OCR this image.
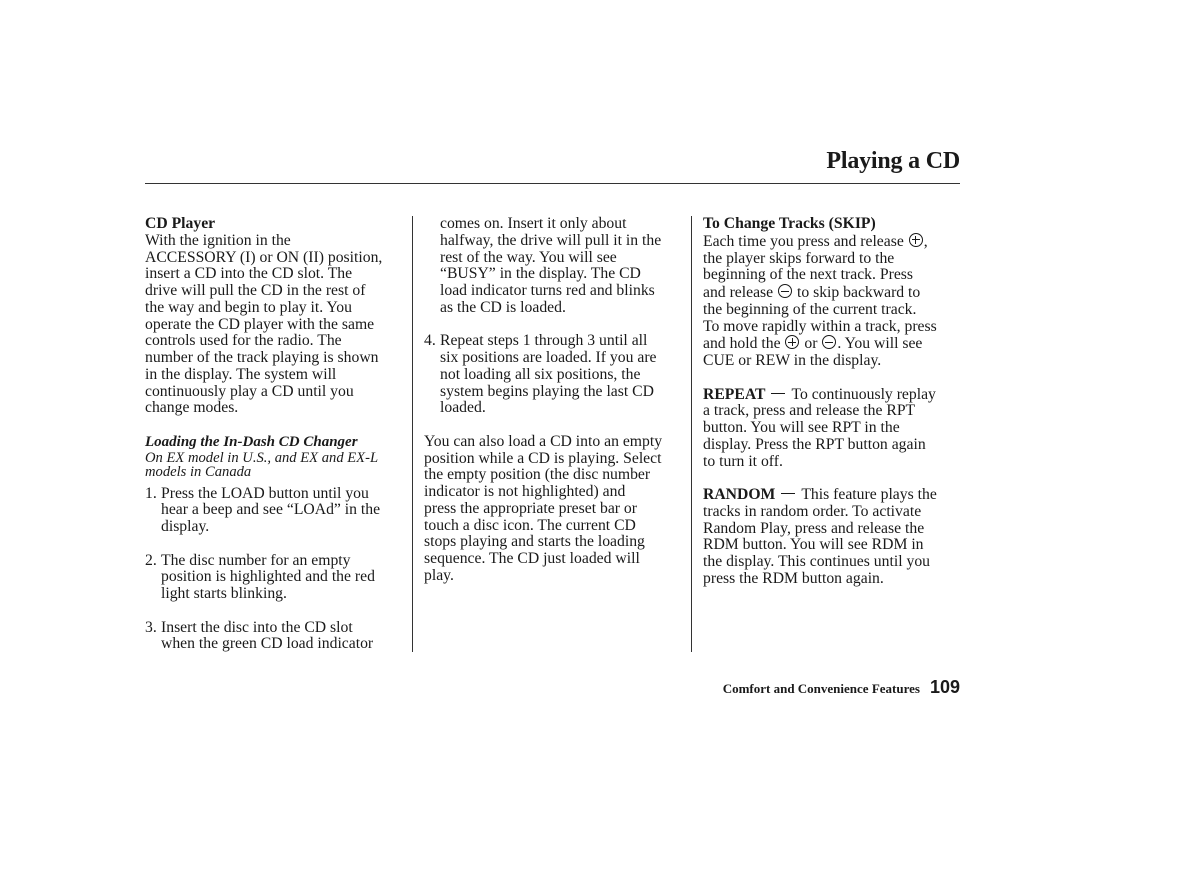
Playing a CD
CD Player
With the ignition in the
ACCESSORY (I) or ON (II) position,
insert a CD into the CD slot. The
drive will pull the CD in the rest of
the way and begin to play it. You
operate the CD player with the same
controls used for the radio. The
number of the track playing is shown
in the display. The system will
continuously play a CD until you
change modes.
Loading the In-Dash CD Changer
On EX model in U.S., and EX and EX-L
models in Canada
1. Press the LOAD button until you
hear a beep and see “LOAd” in the
display.
2. The disc number for an empty
position is highlighted and the red
light starts blinking.
3. Insert the disc into the CD slot
when the green CD load indicator
comes on. Insert it only about
halfway, the drive will pull it in the
rest of the way. You will see
“BUSY” in the display. The CD
load indicator turns red and blinks
as the CD is loaded.
4. Repeat steps 1 through 3 until all
six positions are loaded. If you are
not loading all six positions, the
system begins playing the last CD
loaded.
You can also load a CD into an empty
position while a CD is playing. Select
the empty position (the disc number
indicator is not highlighted) and
press the appropriate preset bar or
touch a disc icon. The current CD
stops playing and starts the loading
sequence. The CD just loaded will
play.
To Change Tracks (SKIP)
Each time you press and release ,
the player skips forward to the
beginning of the next track. Press
and release to skip backward to
the beginning of the current track.
To move rapidly within a track, press
and hold the or . You will see
CUE or REW in the display.
REPEAT To continuously replay
a track, press and release the RPT
button. You will see RPT in the
display. Press the RPT button again
to turn it off.
RANDOM This feature plays the
tracks in random order. To activate
Random Play, press and release the
RDM button. You will see RDM in
the display. This continues until you
press the RDM button again.
Comfort and Convenience Features 109
